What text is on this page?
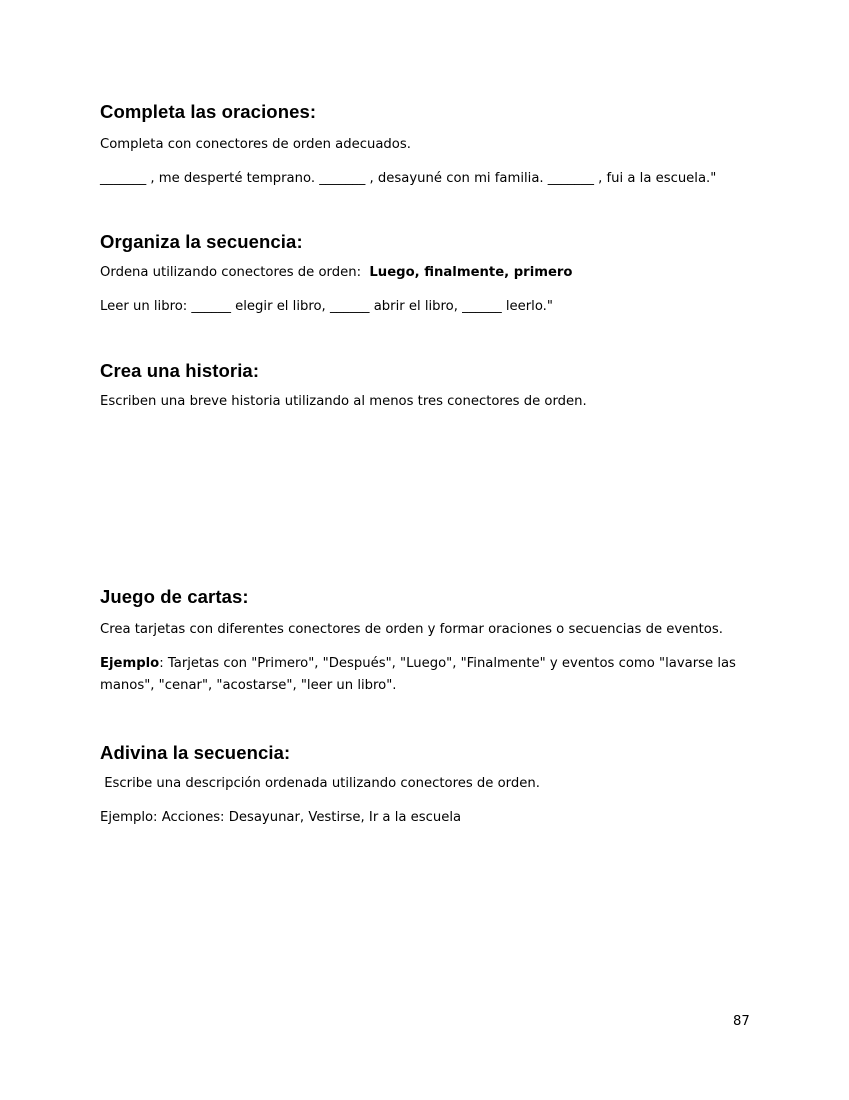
Completa las oraciones:

Completa con conectores de orden adecuados.

_______ , me desperté temprano. _______ , desayuné con mi familia. _______ , fui a la escuela."

Organiza la secuencia:

Ordena utilizando conectores de orden: Luego, finalmente, primero

Leer un libro: ______ elegir el libro, ______ abrir el libro, ______ leerlo."

Crea una historia:

Escriben una breve historia utilizando al menos tres conectores de orden.

Juego de cartas:

Crea tarjetas con diferentes conectores de orden y formar oraciones o secuencias de eventos.

Ejemplo: Tarjetas con "Primero", "Después", "Luego", "Finalmente" y eventos como "lavarse las manos", "cenar", "acostarse", "leer un libro".

Adivina la secuencia:

Escribe una descripción ordenada utilizando conectores de orden.

Ejemplo: Acciones: Desayunar, Vestirse, Ir a la escuela

87
